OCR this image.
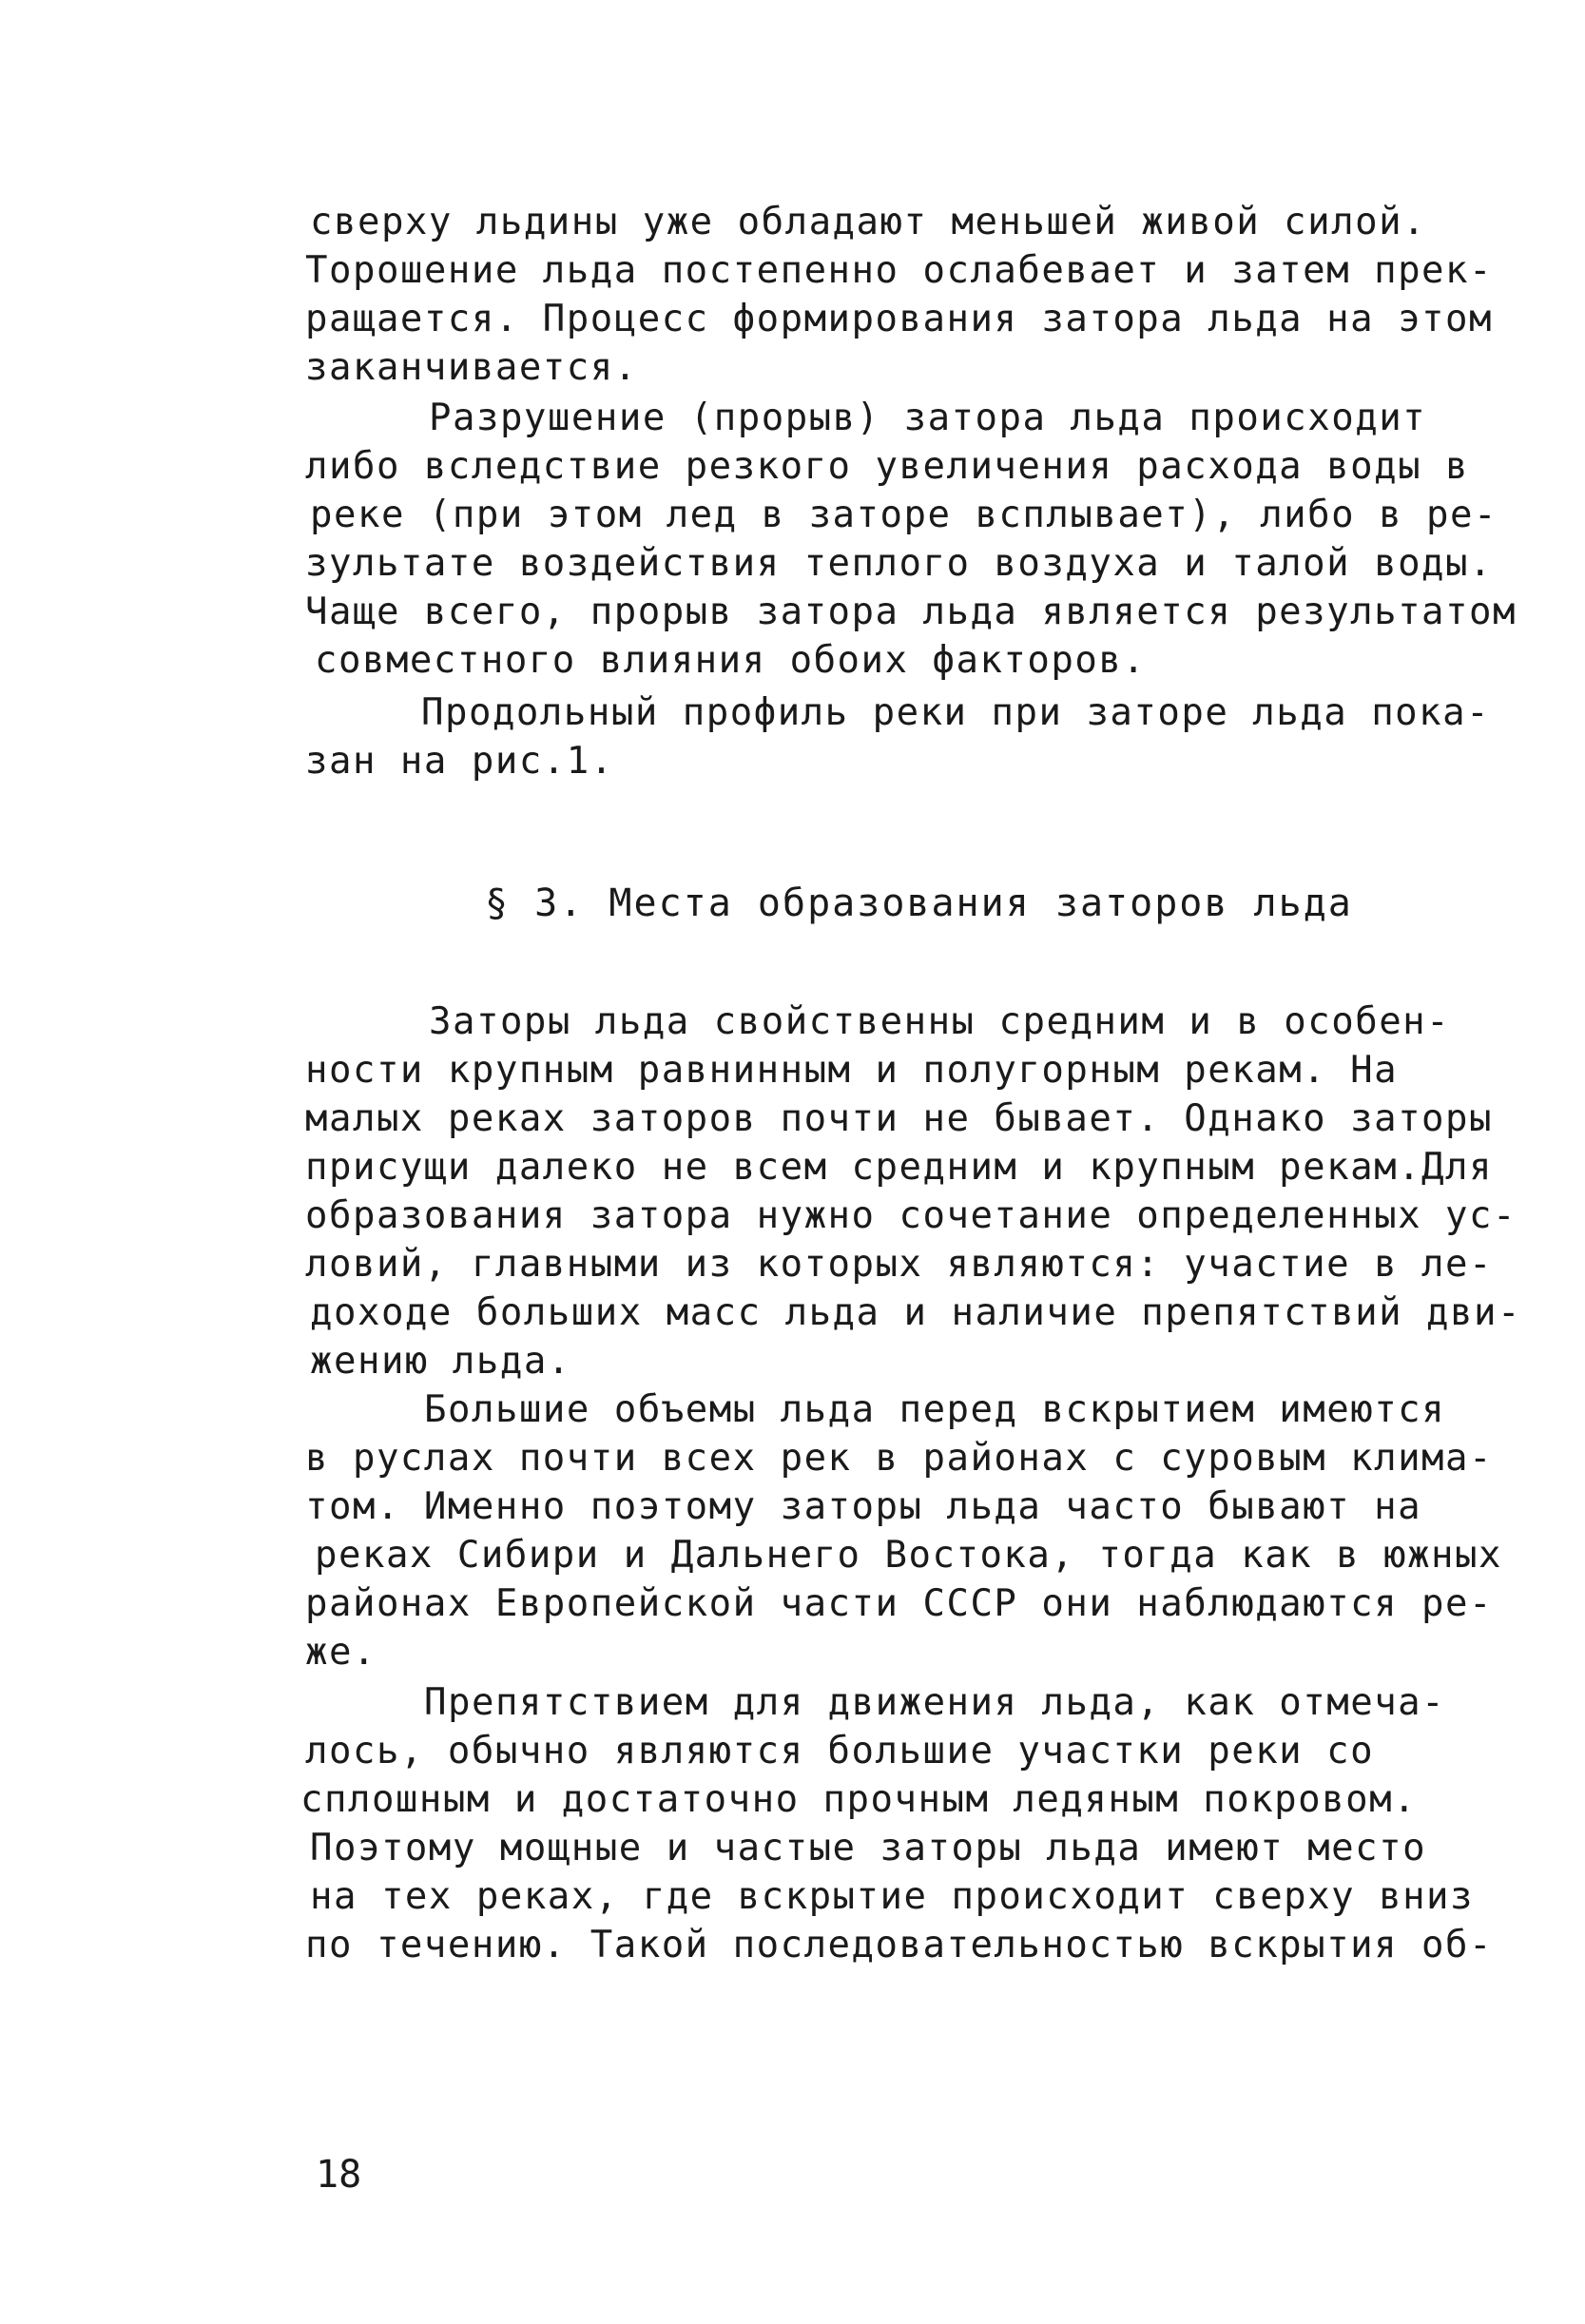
сверху льдины уже обладают меньшей живой силой.
Торошение льда постепенно ослабевает и затем прек-
ращается. Процесс формирования затора льда на этом
заканчивается.
Разрушение (прорыв) затора льда происходит
либо вследствие резкого увеличения расхода воды в
реке (при этом лед в заторе всплывает), либо в ре-
зультате воздействия теплого воздуха и талой воды.
Чаще всего, прорыв затора льда является результатом
совместного влияния обоих факторов.
Продольный профиль реки при заторе льда пока-
зан на рис.1.
§ 3. Места образования заторов льда
Заторы льда свойственны средним и в особен-
ности крупным равнинным и полугорным рекам. На
малых реках заторов почти не бывает. Однако заторы
присущи далеко не всем средним и крупным рекам.Для
образования затора нужно сочетание определенных ус-
ловий, главными из которых являются: участие в ле-
доходе больших масс льда и наличие препятствий дви-
жению льда.
Большие объемы льда перед вскрытием имеются
в руслах почти всех рек в районах с суровым клима-
том. Именно поэтому заторы льда часто бывают на
реках Сибири и Дальнего Востока, тогда как в южных
районах Европейской части СССР они наблюдаются ре-
же.
Препятствием для движения льда, как отмеча-
лось, обычно являются большие участки реки со
сплошным и достаточно прочным ледяным покровом.
Поэтому мощные и частые заторы льда имеют место
на тех реках, где вскрытие происходит сверху вниз
по течению. Такой последовательностью вскрытия об-
18
